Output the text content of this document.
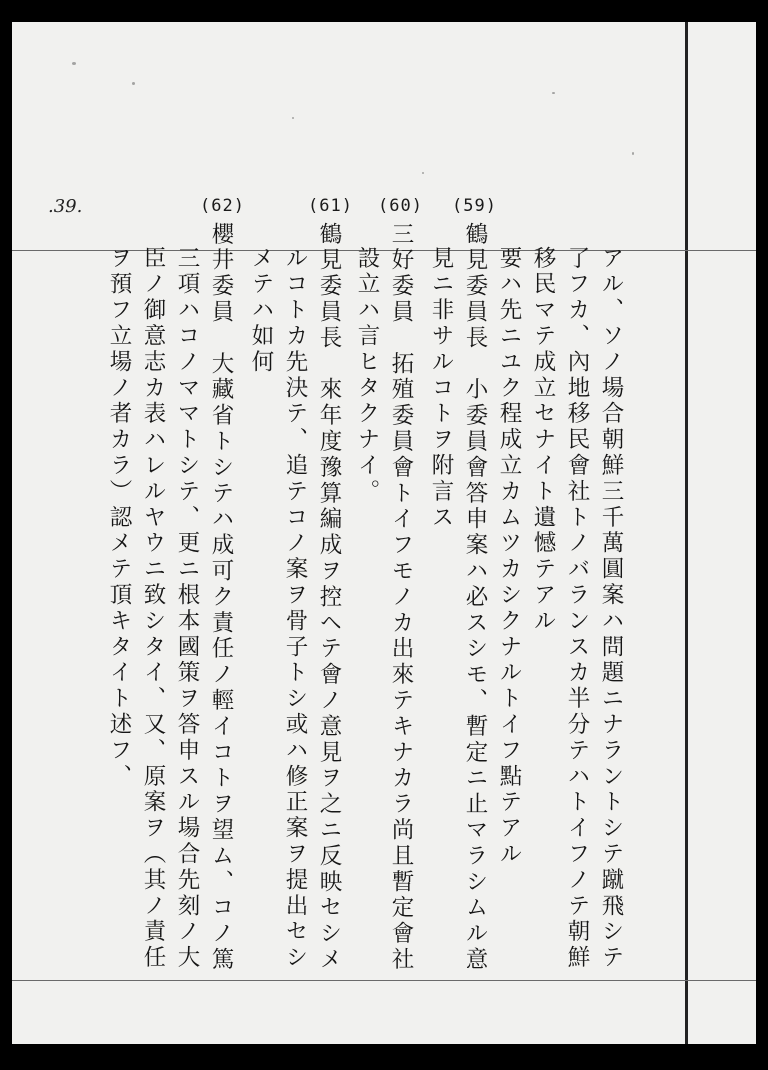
.39.	(62)	(61) (60) (59)
アル、ソノ場合朝鮮三千萬圓案ハ問題ニナラントシテ蹴飛シテ
了フカ、內地移民會社トノバランスカ半分テハトイフノテ朝鮮
移民マテ成立セナイト遺憾テアル
要ハ先ニユク程成立カムツカシクナルトイフ點テアル
鶴見委員長　小委員會答申案ハ必スシモ、暫定ニ止マラシムル意
見ニ非サルコトヲ附言ス
三好委員　拓殖委員會トイフモノカ出來テキナカラ尚且暫定會社
設立ハ言ヒタクナイ。
鶴見委員長　來年度豫算編成ヲ控ヘテ會ノ意見ヲ之ニ反映セシメ
ルコトカ先決テ、追テコノ案ヲ骨子トシ或ハ修正案ヲ提出セシ
メテハ如何
櫻井委員　大藏省トシテハ成可ク責任ノ輕イコトヲ望ム、コノ篤
三項ハコノママトシテ、更ニ根本國策ヲ答申スル場合先刻ノ大
臣ノ御意志カ表ハレルヤウニ致シタイ、又、原案ヲ（其ノ責任
ヲ預フ立場ノ者カラ）認メテ頂キタイト述フ、
